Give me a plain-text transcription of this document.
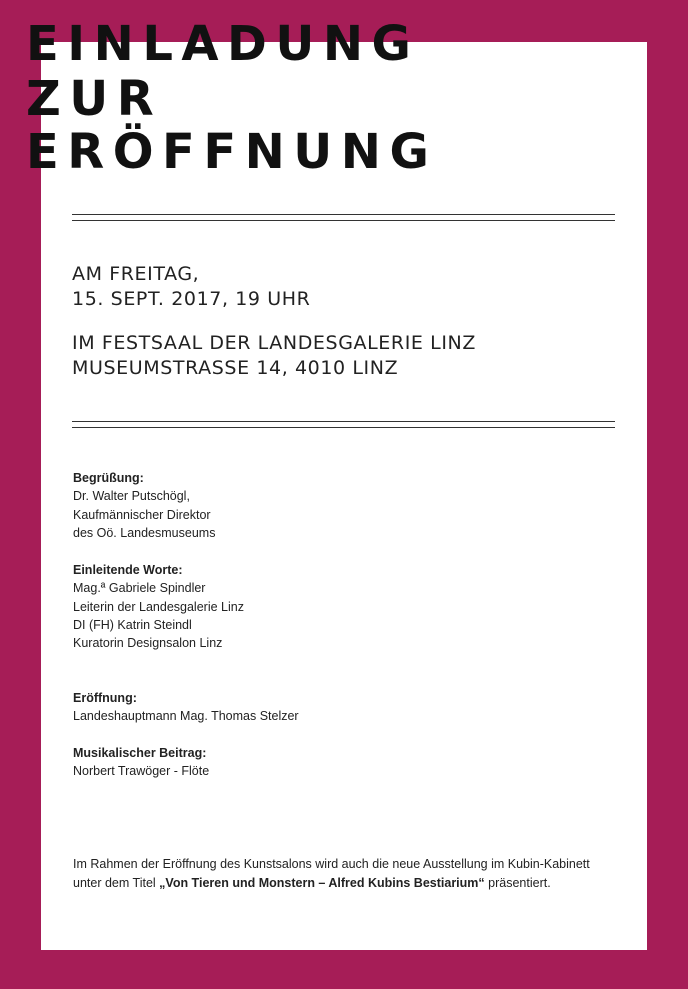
EINLADUNG
ZUR
ERÖFFNUNG
AM FREITAG,
15. SEPT. 2017, 19 UHR
IM FESTSAAL DER LANDESGALERIE LINZ
MUSEUMSTRASSE 14, 4010 LINZ
Begrüßung:
Dr. Walter Putschögl,
Kaufmännischer Direktor
des Oö. Landesmuseums
Einleitende Worte:
Mag.ª Gabriele Spindler
Leiterin der Landesgalerie Linz
DI (FH) Katrin Steindl
Kuratorin Designsalon Linz
Eröffnung:
Landeshauptmann Mag. Thomas Stelzer
Musikalischer Beitrag:
Norbert Trawöger - Flöte
Im Rahmen der Eröffnung des Kunstsalons wird auch die neue Ausstellung im Kubin-Kabinett unter dem Titel „Von Tieren und Monstern – Alfred Kubins Bestiarium“ präsentiert.
